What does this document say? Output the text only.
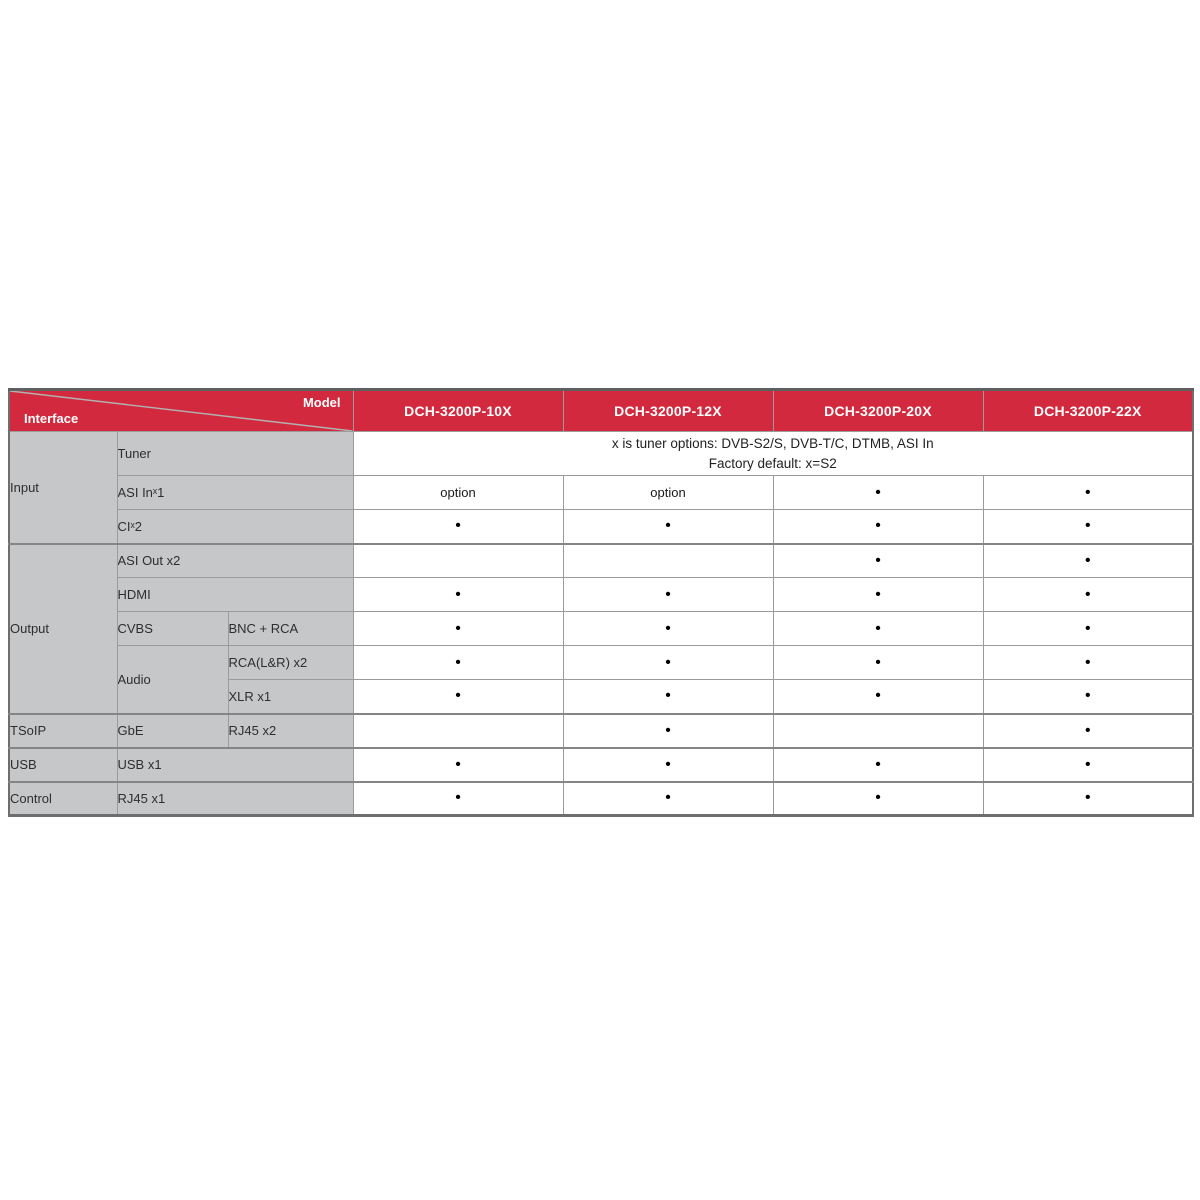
Model
Interface			DCH-3200P-10X	DCH-3200P-12X	DCH-3200P-20X	DCH-3200P-22X
Input	Tuner		x is tuner options: DVB-S2/S, DVB-T/C, DTMB, ASI In
Factory default: x=S2			

	ASI Inˣ1		option	option	•	•
	CIˣ2		•	•	•	•
Output	ASI Out x2				•	•
	HDMI		•	•	•	•
	CVBS	BNC + RCA	•	•	•	•
	Audio	RCA(L&R) x2	•	•	•	•
		XLR x1	•	•	•	•
TSoIP	GbE	RJ45 x2		•		•
USB	USB x1		•	•	•	•
Control	RJ45 x1		•	•	•	•
